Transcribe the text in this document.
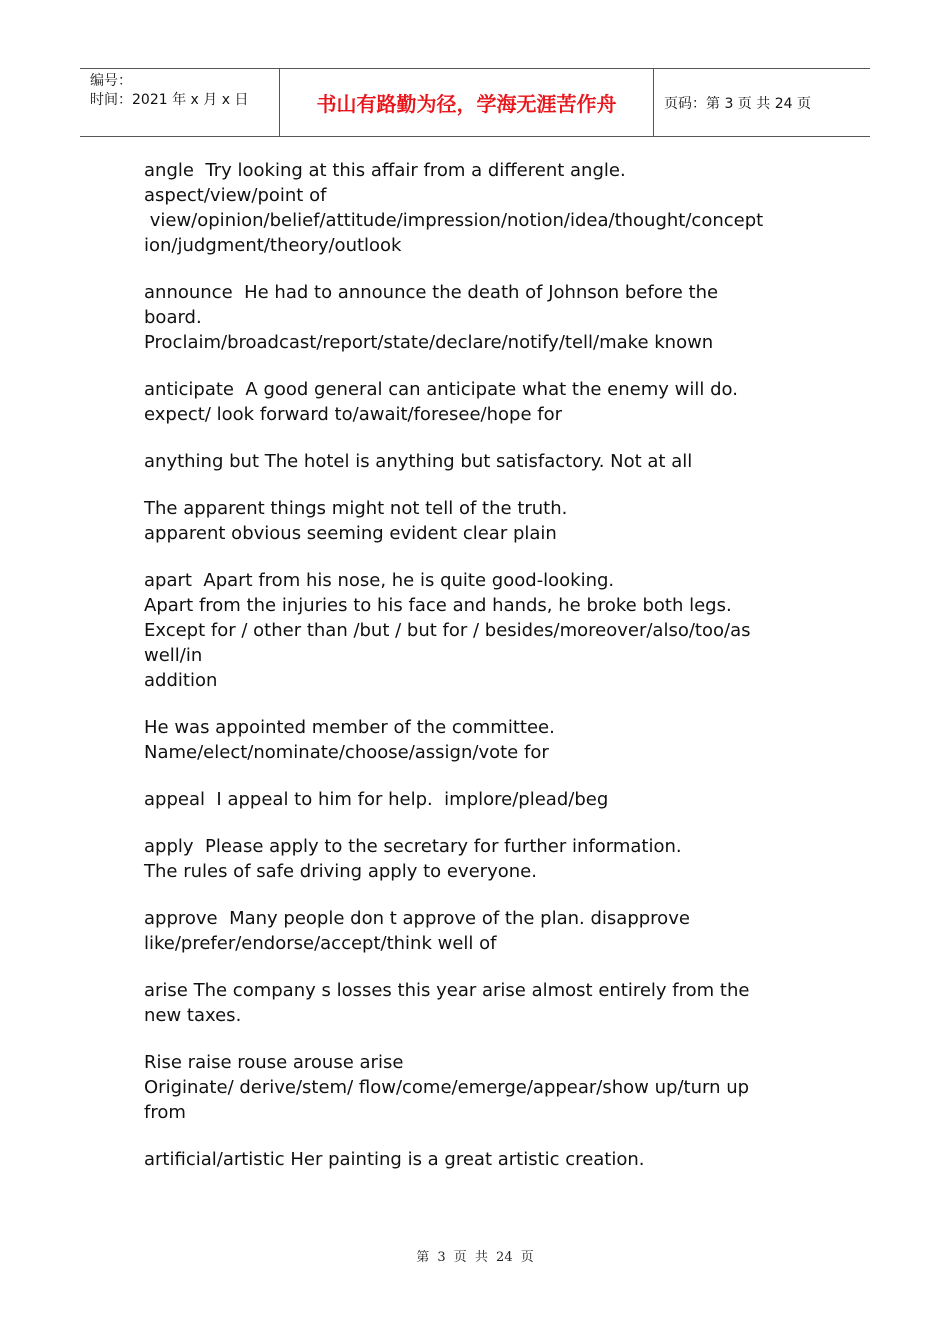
编号：
时间：2021 年 x 月 x 日	书山有路勤为径，学海无涯苦作舟	页码：第 3 页 共 24 页
angle  Try looking at this affair from a different angle.
aspect/view/point of
view/opinion/belief/attitude/impression/notion/idea/thought/concept
ion/judgment/theory/outlook
announce  He had to announce the death of Johnson before the
board.
Proclaim/broadcast/report/state/declare/notify/tell/make known
anticipate  A good general can anticipate what the enemy will do.
expect/ look forward to/await/foresee/hope for
anything but The hotel is anything but satisfactory. Not at all
The apparent things might not tell of the truth.
apparent obvious seeming evident clear plain
apart  Apart from his nose, he is quite good-looking.
Apart from the injuries to his face and hands, he broke both legs.
Except for / other than /but / but for / besides/moreover/also/too/as
well/in
addition
He was appointed member of the committee.
Name/elect/nominate/choose/assign/vote for
appeal  I appeal to him for help.  implore/plead/beg
apply  Please apply to the secretary for further information.
The rules of safe driving apply to everyone.
approve  Many people don t approve of the plan. disapprove
like/prefer/endorse/accept/think well of
arise The company s losses this year arise almost entirely from the
new taxes.
Rise raise rouse arouse arise
Originate/ derive/stem/ flow/come/emerge/appear/show up/turn up
from
artificial/artistic Her painting is a great artistic creation.
第 3 页 共 24 页
